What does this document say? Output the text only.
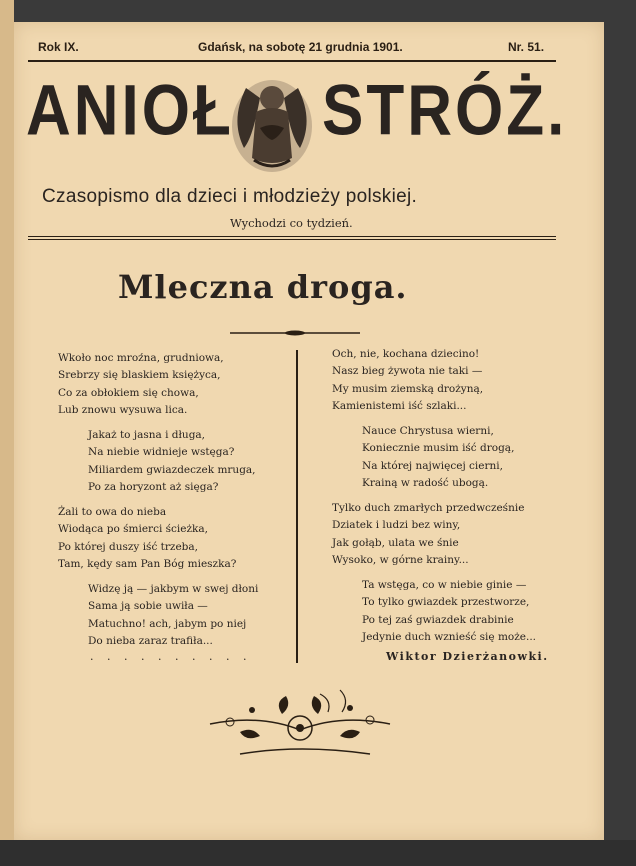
Rok IX.	Gdańsk, na sobotę 21 grudnia 1901.	Nr. 51.
ANIOŁ STRÓŻ.
Czasopismo dla dzieci i młodzieży polskiej.
Wychodzi co tydzień.
Mleczna droga.
Wkoło noc mroźna, grudniowa,
Srebrzy się blaskiem księżyca,
Co za obłokiem się chowa,
Lub znowu wysuwa lica.
Jakaż to jasna i długa,
Na niebie widniejе wstęga?
Miliardem gwiazdeczek mruga,
Po za horyzont aż sięga?
Żali to owa do nieba
Wiodąca po śmierci ścieżka,
Po której duszy iść trzeba,
Tam, kędy sam Pan Bóg mieszka?
Widzę ją — jakbym w swej dłoni
Sama ją sobie uwiła —
Matuchno! ach, jabym po niej
Do nieba zaraz trafiła...
. . . . . . . . . .
Och, nie, kochana dziecino!
Nasz bieg żywota nie taki —
My musim ziemską drożyną,
Kamienistemi iść szlaki...
Nauce Chrystusa wierni,
Koniecznie musim iść drogą,
Na której najwięcej cierni,
Krainą w radość ubogą.
Tylko duch zmarłych przedwcześnie
Dziatek i ludzi bez winy,
Jak gołąb, ulata we śnie
Wysoko, w górne krainy...
Ta wstęga, co w niebie ginie —
To tylko gwiazdek przestworze,
Po tej zaś gwiazdek drabinie
Jedynie duch wznieść się może...
Wiktor Dzierżanowki.
